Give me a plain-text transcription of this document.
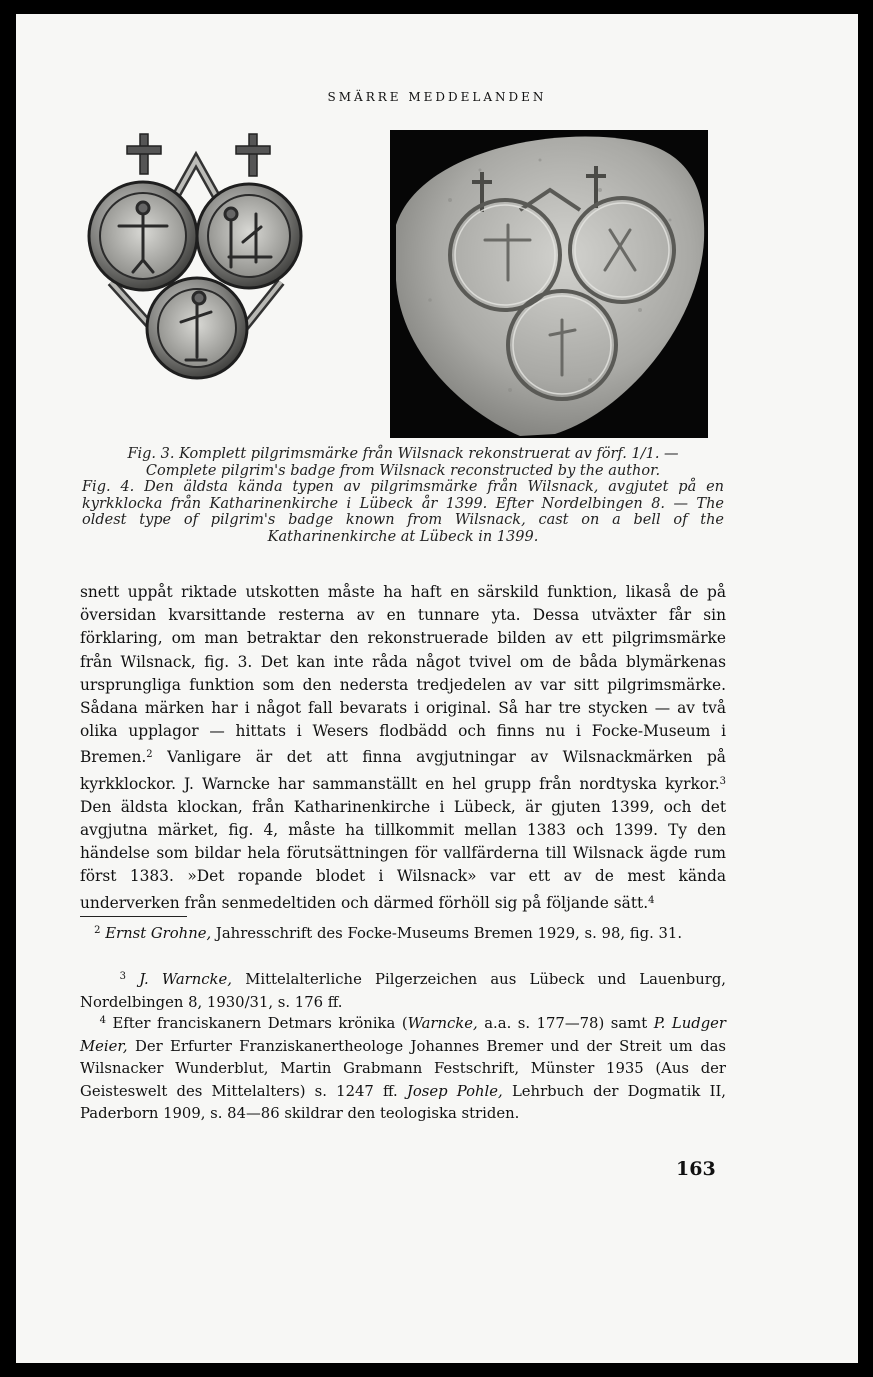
SMÄRRE MEDDELANDEN

Fig. 3. Komplett pilgrimsmärke från Wilsnack rekonstruerat av förf. 1/1. —

Complete pilgrim's badge from Wilsnack reconstructed by the author.

Fig. 4. Den äldsta kända typen av pilgrimsmärke från Wilsnack, avgjutet på en kyrkklocka från Katharinenkirche i Lübeck år 1399. Efter Nordelbingen 8. — The oldest type of pilgrim's badge known from Wilsnack, cast on a bell of the Katharinenkirche at Lübeck in 1399.

snett uppåt riktade utskotten måste ha haft en särskild funktion, likaså de på översidan kvarsittande resterna av en tunnare yta. Dessa utväxter får sin förklaring, om man betraktar den rekonstruerade bilden av ett pilgrimsmärke från Wilsnack, fig. 3. Det kan inte råda något tvivel om de båda blymärkenas ursprungliga funktion som den nedersta tredjedelen av var sitt pilgrimsmärke. Sådana märken har i något fall bevarats i original. Så har tre stycken — av två olika upplagor — hittats i Wesers flodbädd och finns nu i Focke-Museum i Bremen.$^2$ Vanligare är det att finna avgjutningar av Wilsnackmärken på kyrkklockor. J. Warncke har sammanställt en hel grupp från nordtyska kyrkor.$^3$ Den äldsta klockan, från Katharinenkirche i Lübeck, är gjuten 1399, och det avgjutna märket, fig. 4, måste ha tillkommit mellan 1383 och 1399. Ty den händelse som bildar hela förutsättningen för vallfärderna till Wilsnack ägde rum först 1383. »Det ropande blodet i Wilsnack» var ett av de mest kända underverken från senmedeltiden och därmed förhöll sig på följande sätt.$^4$

$^2$ Ernst Grohne, Jahresschrift des Focke-Museums Bremen 1929, s. 98, fig. 31.

$^3$ J. Warncke, Mittelalterliche Pilgerzeichen aus Lübeck und Lauenburg, Nordelbingen 8, 1930/31, s. 176 ff.

$^4$ Efter franciskanern Detmars krönika (Warncke, a.a. s. 177—78) samt P. Ludger Meier, Der Erfurter Franziskanertheologe Johannes Bremer und der Streit um das Wilsnacker Wunderblut, Martin Grabmann Festschrift, Münster 1935 (Aus der Geisteswelt des Mittelalters) s. 1247 ff. Josep Pohle, Lehrbuch der Dogmatik II, Paderborn 1909, s. 84—86 skildrar den teologiska striden.

163
